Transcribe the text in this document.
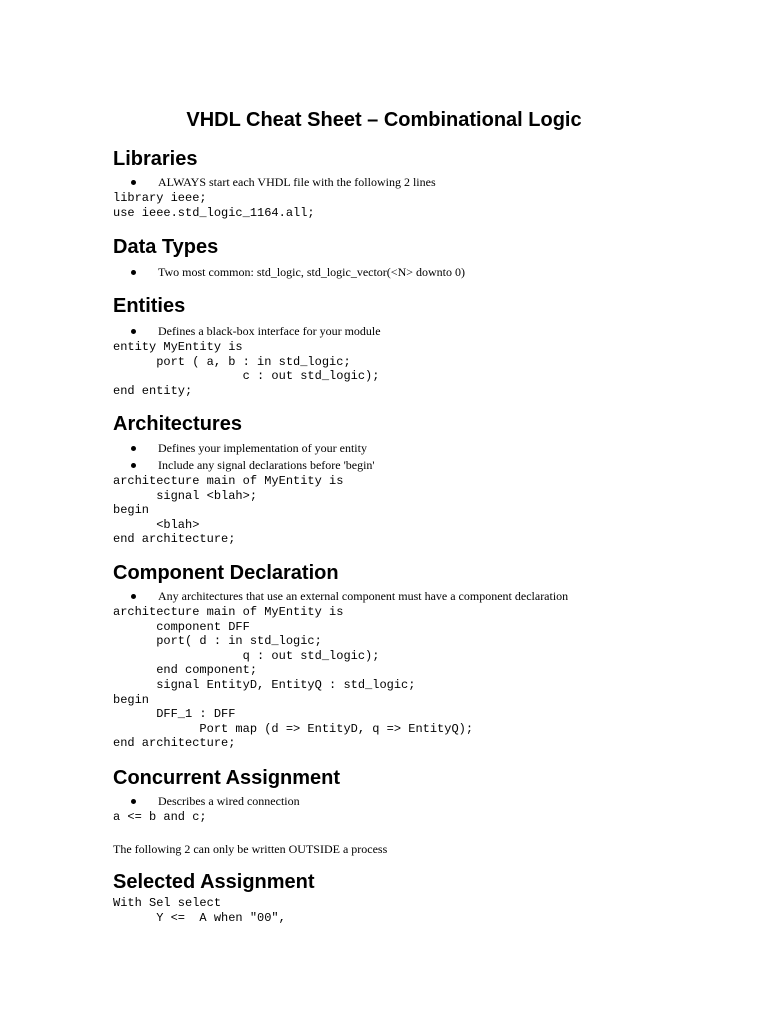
VHDL Cheat Sheet – Combinational Logic
Libraries
ALWAYS start each VHDL file with the following 2 lines
library ieee;
use ieee.std_logic_1164.all;
Data Types
Two most common: std_logic, std_logic_vector(<N> downto 0)
Entities
Defines a black-box interface for your module
entity MyEntity is
port ( a, b : in std_logic;
c : out std_logic);
end entity;
Architectures
Defines your implementation of your entity
Include any signal declarations before 'begin'
architecture main of MyEntity is
signal <blah>;
begin
<blah>
end architecture;
Component Declaration
Any architectures that use an external component must have a component declaration
architecture main of MyEntity is
component DFF
port( d : in std_logic;
q : out std_logic);
end component;
signal EntityD, EntityQ : std_logic;
begin
DFF_1 : DFF
Port map (d => EntityD, q => EntityQ);
end architecture;
Concurrent Assignment
Describes a wired connection
a <= b and c;

The following 2 can only be written OUTSIDE a process

Selected Assignment
With Sel select
Y <=  A when "00",
